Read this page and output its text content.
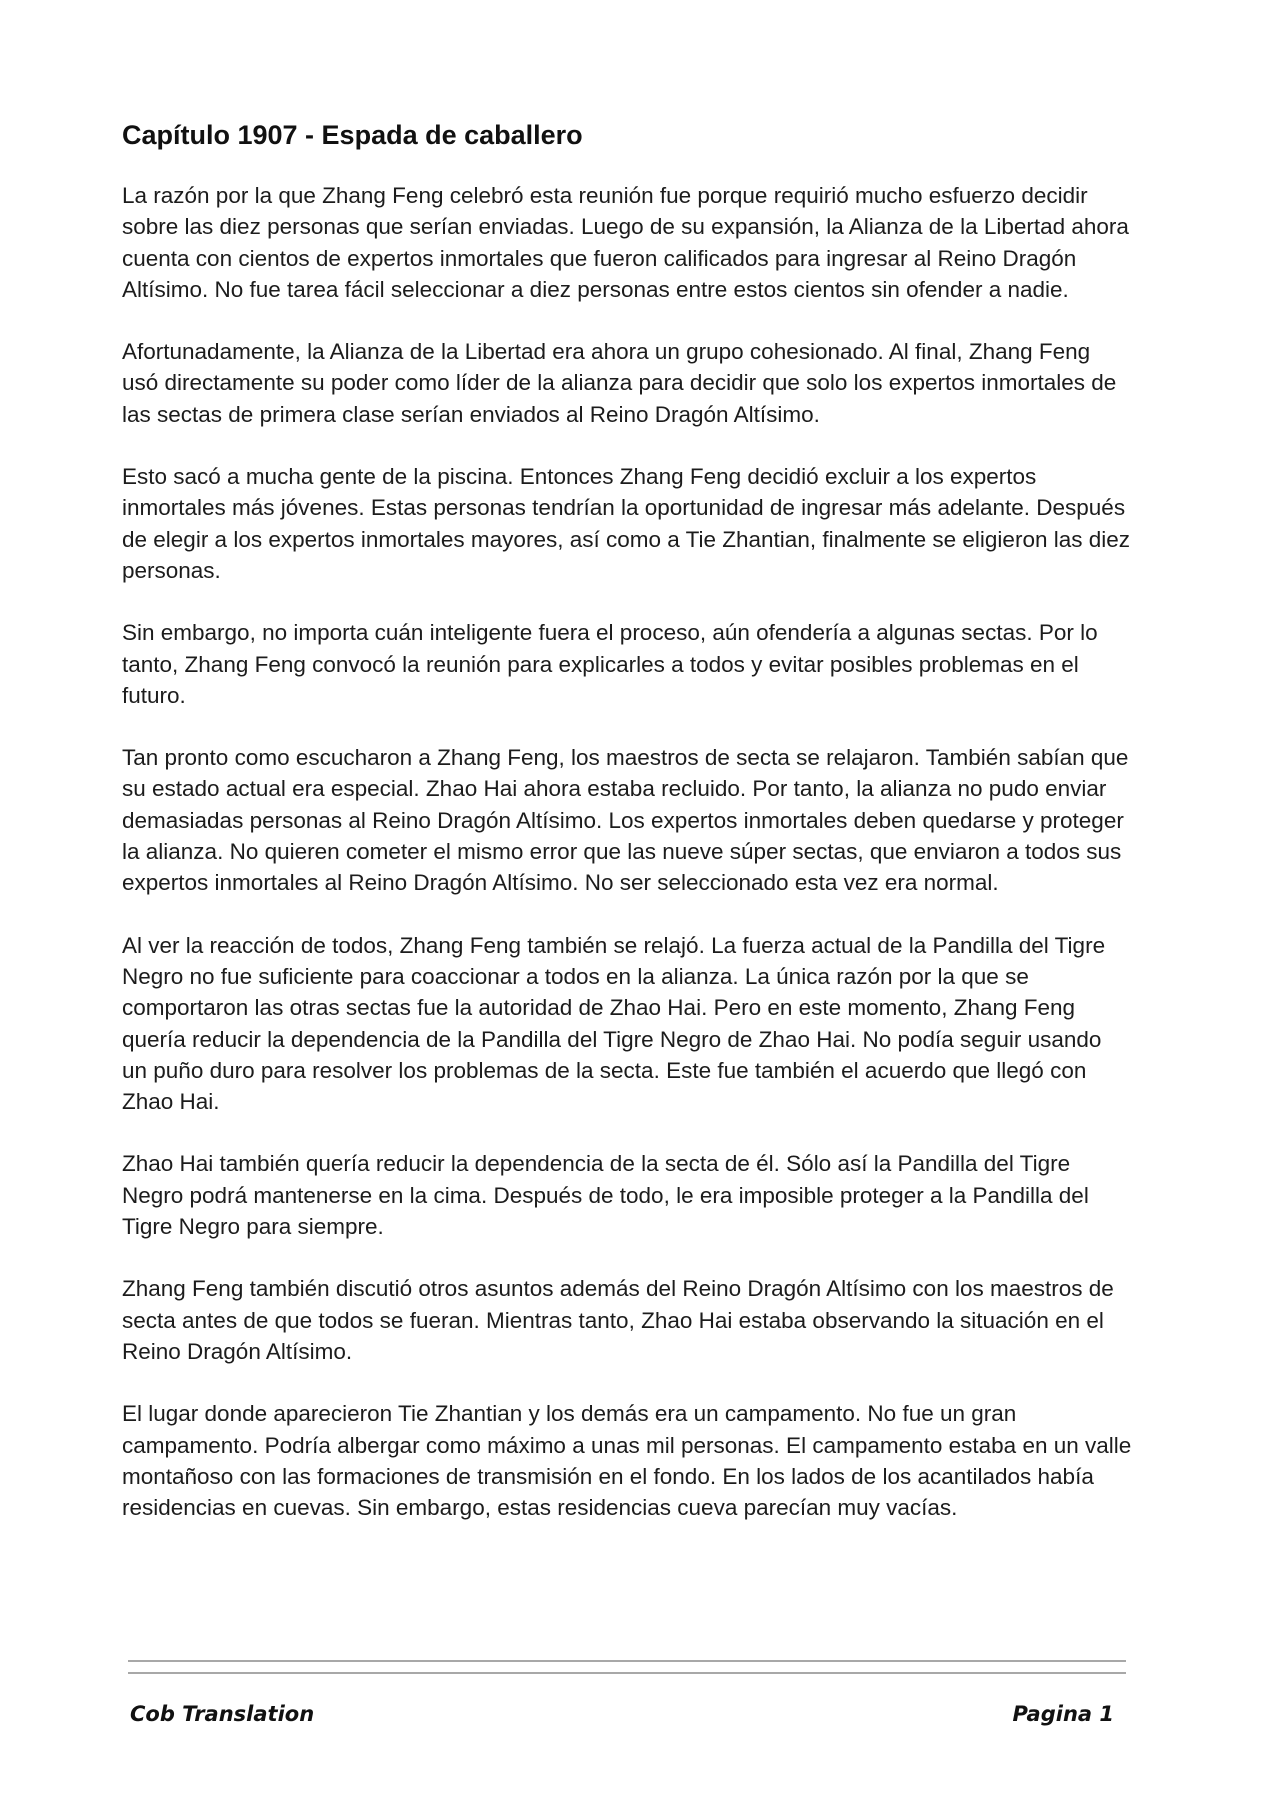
Capítulo 1907 - Espada de caballero

La razón por la que Zhang Feng celebró esta reunión fue porque requirió mucho esfuerzo decidir sobre las diez personas que serían enviadas. Luego de su expansión, la Alianza de la Libertad ahora cuenta con cientos de expertos inmortales que fueron calificados para ingresar al Reino Dragón Altísimo. No fue tarea fácil seleccionar a diez personas entre estos cientos sin ofender a nadie.

Afortunadamente, la Alianza de la Libertad era ahora un grupo cohesionado. Al final, Zhang Feng usó directamente su poder como líder de la alianza para decidir que solo los expertos inmortales de las sectas de primera clase serían enviados al Reino Dragón Altísimo.

Esto sacó a mucha gente de la piscina. Entonces Zhang Feng decidió excluir a los expertos inmortales más jóvenes. Estas personas tendrían la oportunidad de ingresar más adelante. Después de elegir a los expertos inmortales mayores, así como a Tie Zhantian, finalmente se eligieron las diez personas.

Sin embargo, no importa cuán inteligente fuera el proceso, aún ofendería a algunas sectas. Por lo tanto, Zhang Feng convocó la reunión para explicarles a todos y evitar posibles problemas en el futuro.

Tan pronto como escucharon a Zhang Feng, los maestros de secta se relajaron. También sabían que su estado actual era especial. Zhao Hai ahora estaba recluido. Por tanto, la alianza no pudo enviar demasiadas personas al Reino Dragón Altísimo. Los expertos inmortales deben quedarse y proteger la alianza. No quieren cometer el mismo error que las nueve súper sectas, que enviaron a todos sus expertos inmortales al Reino Dragón Altísimo. No ser seleccionado esta vez era normal.

Al ver la reacción de todos, Zhang Feng también se relajó. La fuerza actual de la Pandilla del Tigre Negro no fue suficiente para coaccionar a todos en la alianza. La única razón por la que se comportaron las otras sectas fue la autoridad de Zhao Hai. Pero en este momento, Zhang Feng quería reducir la dependencia de la Pandilla del Tigre Negro de Zhao Hai. No podía seguir usando un puño duro para resolver los problemas de la secta. Este fue también el acuerdo que llegó con Zhao Hai.

Zhao Hai también quería reducir la dependencia de la secta de él. Sólo así la Pandilla del Tigre Negro podrá mantenerse en la cima. Después de todo, le era imposible proteger a la Pandilla del Tigre Negro para siempre.

Zhang Feng también discutió otros asuntos además del Reino Dragón Altísimo con los maestros de secta antes de que todos se fueran. Mientras tanto, Zhao Hai estaba observando la situación en el Reino Dragón Altísimo.

El lugar donde aparecieron Tie Zhantian y los demás era un campamento. No fue un gran campamento. Podría albergar como máximo a unas mil personas. El campamento estaba en un valle montañoso con las formaciones de transmisión en el fondo. En los lados de los acantilados había residencias en cuevas. Sin embargo, estas residencias cueva parecían muy vacías.

Cob Translation	Pagina 1
